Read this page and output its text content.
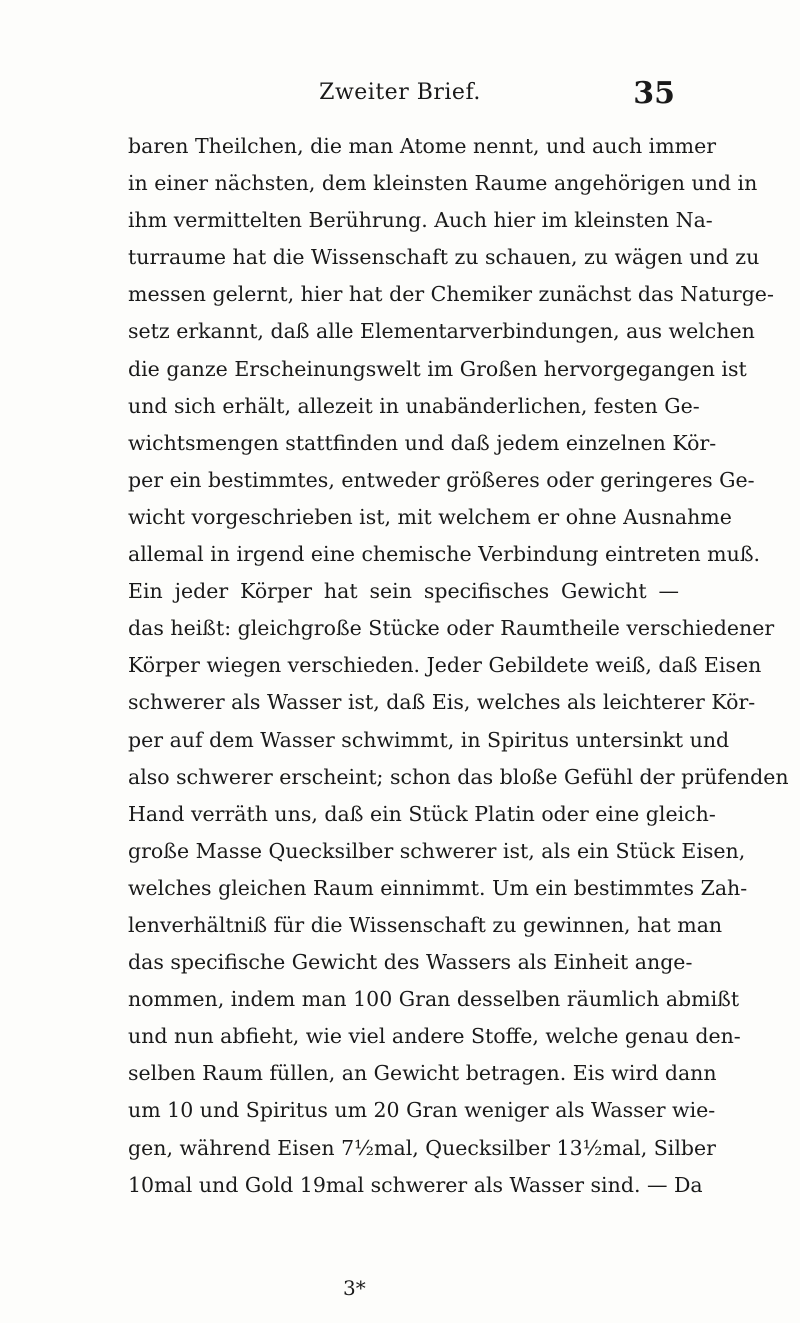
Zweiter Brief.	35
baren Theilchen, die man Atome nennt, und auch immer
in einer nächsten, dem kleinsten Raume angehörigen und in
ihm vermittelten Berührung. Auch hier im kleinsten Na-
turraume hat die Wissenschaft zu schauen, zu wägen und zu
messen gelernt, hier hat der Chemiker zunächst das Naturge-
setz erkannt, daß alle Elementarverbindungen, aus welchen
die ganze Erscheinungswelt im Großen hervorgegangen ist
und sich erhält, allezeit in unabänderlichen, festen Ge-
wichtsmengen stattfinden und daß jedem einzelnen Kör-
per ein bestimmtes, entweder größeres oder geringeres Ge-
wicht vorgeschrieben ist, mit welchem er ohne Ausnahme
allemal in irgend eine chemische Verbindung eintreten muß.
Ein jeder Körper hat sein specifisches Gewicht —
das heißt: gleichgroße Stücke oder Raumtheile verschiedener
Körper wiegen verschieden. Jeder Gebildete weiß, daß Eisen
schwerer als Wasser ist, daß Eis, welches als leichterer Kör-
per auf dem Wasser schwimmt, in Spiritus untersinkt und
also schwerer erscheint; schon das bloße Gefühl der prüfenden
Hand verräth uns, daß ein Stück Platin oder eine gleich-
große Masse Quecksilber schwerer ist, als ein Stück Eisen,
welches gleichen Raum einnimmt. Um ein bestimmtes Zah-
lenverhältniß für die Wissenschaft zu gewinnen, hat man
das specifische Gewicht des Wassers als Einheit ange-
nommen, indem man 100 Gran desselben räumlich abmißt
und nun abfieht, wie viel andere Stoffe, welche genau den-
selben Raum füllen, an Gewicht betragen. Eis wird dann
um 10 und Spiritus um 20 Gran weniger als Wasser wie-
gen, während Eisen 7½mal, Quecksilber 13½mal, Silber
10mal und Gold 19mal schwerer als Wasser sind. — Da
3*
